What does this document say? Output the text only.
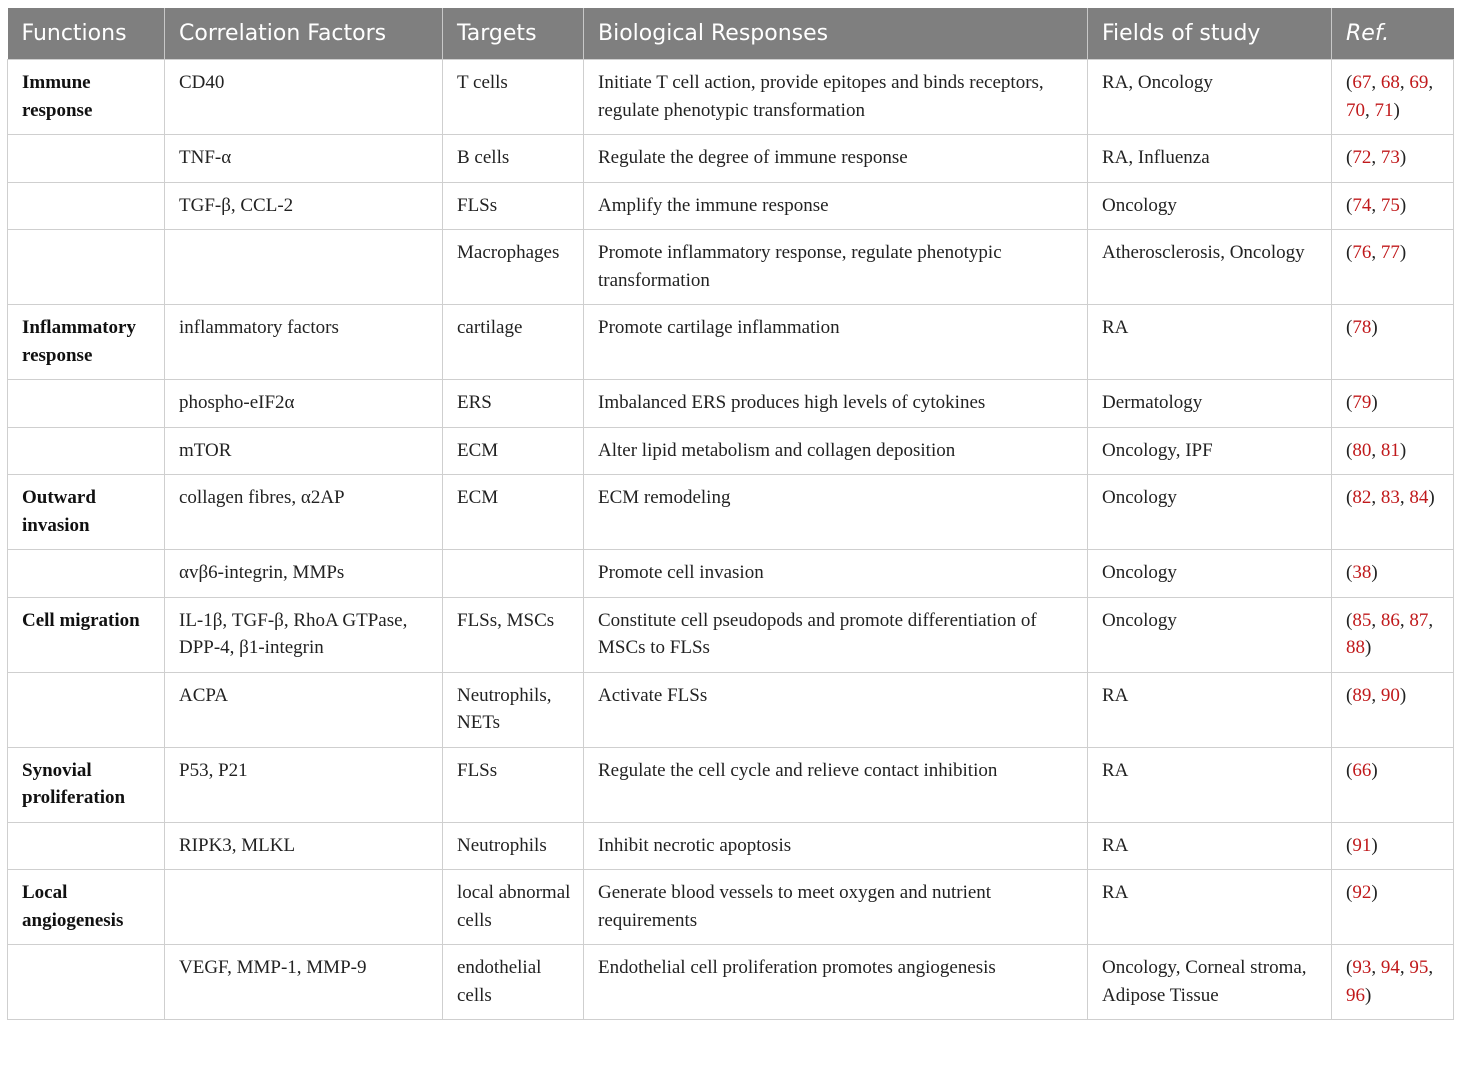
Functions	Correlation Factors	Targets	Biological Responses	Fields of study	Ref.
Immune response	CD40	T cells	Initiate T cell action, provide epitopes and binds receptors, regulate phenotypic transformation	RA, Oncology	(67, 68, 69, 70, 71)
	TNF-α	B cells	Regulate the degree of immune response	RA, Influenza	(72, 73)
	TGF-β, CCL-2	FLSs	Amplify the immune response	Oncology	(74, 75)
		Macrophages	Promote inflammatory response, regulate phenotypic transformation	Atherosclerosis, Oncology	(76, 77)
Inflammatory response	inflammatory factors	cartilage	Promote cartilage inflammation	RA	(78)
	phospho-eIF2α	ERS	Imbalanced ERS produces high levels of cytokines	Dermatology	(79)
	mTOR	ECM	Alter lipid metabolism and collagen deposition	Oncology, IPF	(80, 81)
Outward invasion	collagen fibres, α2AP	ECM	ECM remodeling	Oncology	(82, 83, 84)
	αvβ6-integrin, MMPs		Promote cell invasion	Oncology	(38)
Cell migration	IL-1β, TGF-β, RhoA GTPase, DPP-4, β1-integrin	FLSs, MSCs	Constitute cell pseudopods and promote differentiation of MSCs to FLSs	Oncology	(85, 86, 87, 88)
	ACPA	Neutrophils, NETs	Activate FLSs	RA	(89, 90)
Synovial proliferation	P53, P21	FLSs	Regulate the cell cycle and relieve contact inhibition	RA	(66)
	RIPK3, MLKL	Neutrophils	Inhibit necrotic apoptosis	RA	(91)
Local angiogenesis		local abnormal cells	Generate blood vessels to meet oxygen and nutrient requirements	RA	(92)
	VEGF, MMP-1, MMP-9	endothelial cells	Endothelial cell proliferation promotes angiogenesis	Oncology, Corneal stroma, Adipose Tissue	(93, 94, 95, 96)
